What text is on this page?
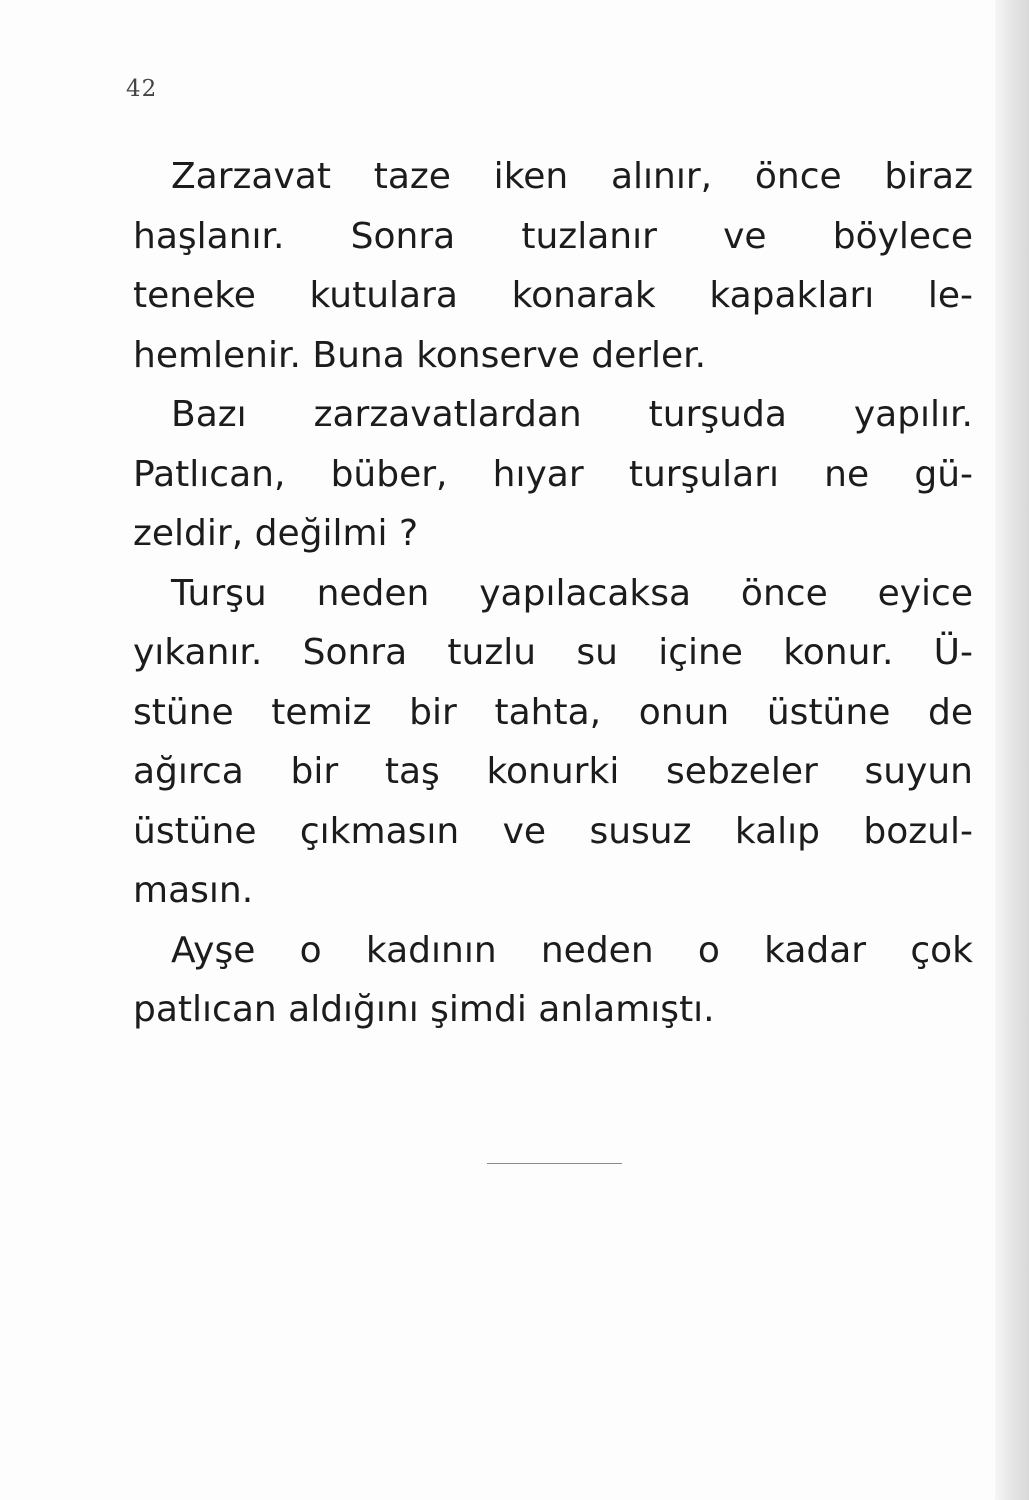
42
Zarzavat taze iken alınır, önce biraz
haşlanır. Sonra tuzlanır ve böylece
teneke kutulara konarak kapakları le-
hemlenir. Buna konserve derler.
Bazı zarzavatlardan turşuda yapılır.
Patlıcan, büber, hıyar turşuları ne gü-
zeldir, değilmi ?
Turşu neden yapılacaksa önce eyice
yıkanır. Sonra tuzlu su içine konur. Ü-
stüne temiz bir tahta, onun üstüne de
ağırca bir taş konurki sebzeler suyun
üstüne çıkmasın ve susuz kalıp bozul-
masın.
Ayşe o kadının neden o kadar çok
patlıcan aldığını şimdi anlamıştı.
